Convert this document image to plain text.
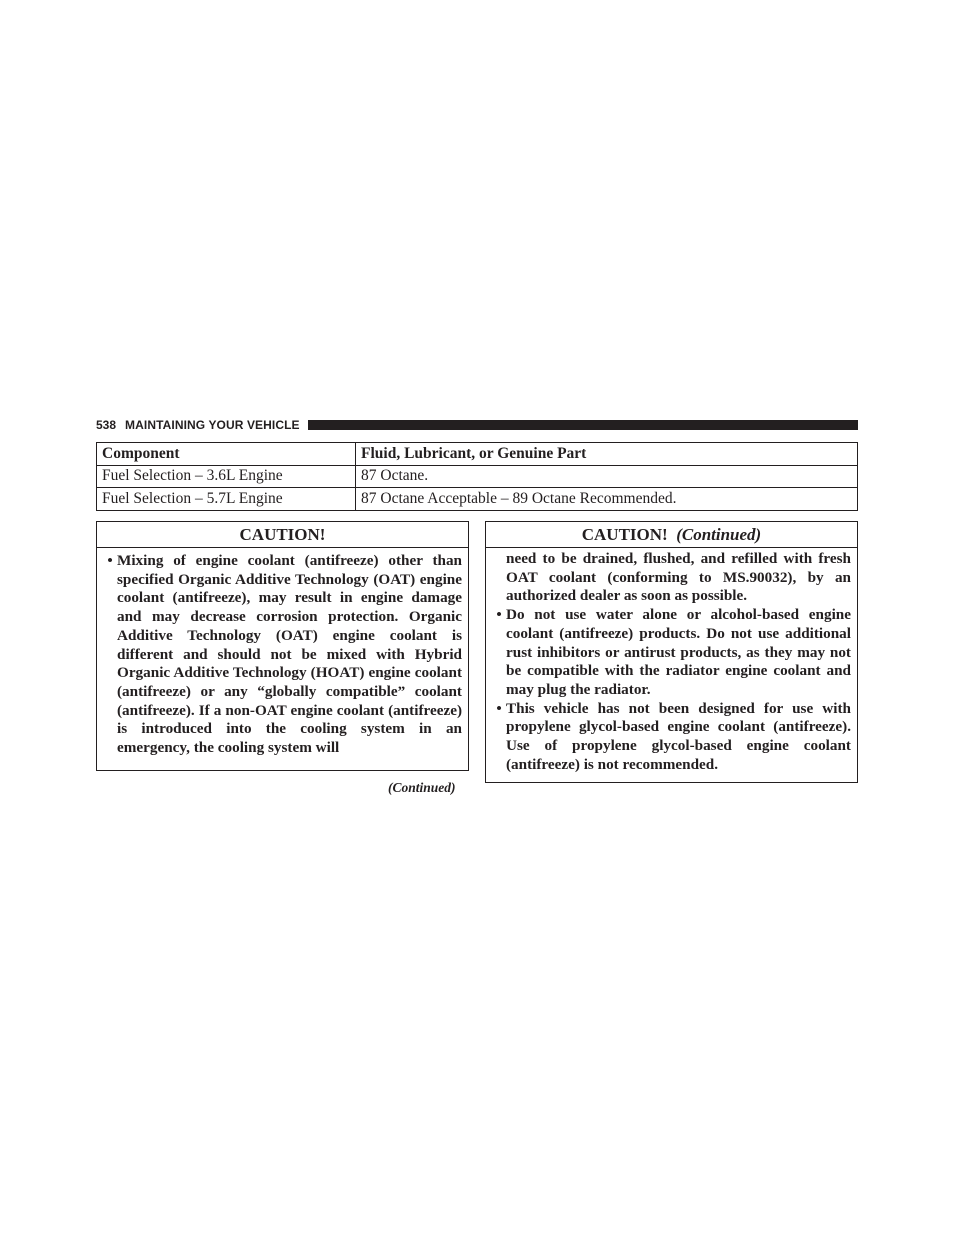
538 MAINTAINING YOUR VEHICLE
Component	Fluid, Lubricant, or Genuine Part
Fuel Selection – 3.6L Engine	87 Octane.
Fuel Selection – 5.7L Engine	87 Octane Acceptable – 89 Octane Recommended.
CAUTION!
• Mixing of engine coolant (antifreeze) other than specified Organic Additive Technology (OAT) engine coolant (antifreeze), may result in engine damage and may decrease corrosion protection. Organic Additive Technology (OAT) engine coolant is different and should not be mixed with Hybrid Organic Additive Technology (HOAT) engine coolant (antifreeze) or any “globally compatible” coolant (antifreeze). If a non-OAT engine coolant (antifreeze) is introduced into the cooling system in an emergency, the cooling system will
(Continued)
CAUTION! (Continued)
need to be drained, flushed, and refilled with fresh OAT coolant (conforming to MS.90032), by an authorized dealer as soon as possible.
• Do not use water alone or alcohol-based engine coolant (antifreeze) products. Do not use additional rust inhibitors or antirust products, as they may not be compatible with the radiator engine coolant and may plug the radiator.
• This vehicle has not been designed for use with propylene glycol-based engine coolant (antifreeze). Use of propylene glycol-based engine coolant (antifreeze) is not recommended.
